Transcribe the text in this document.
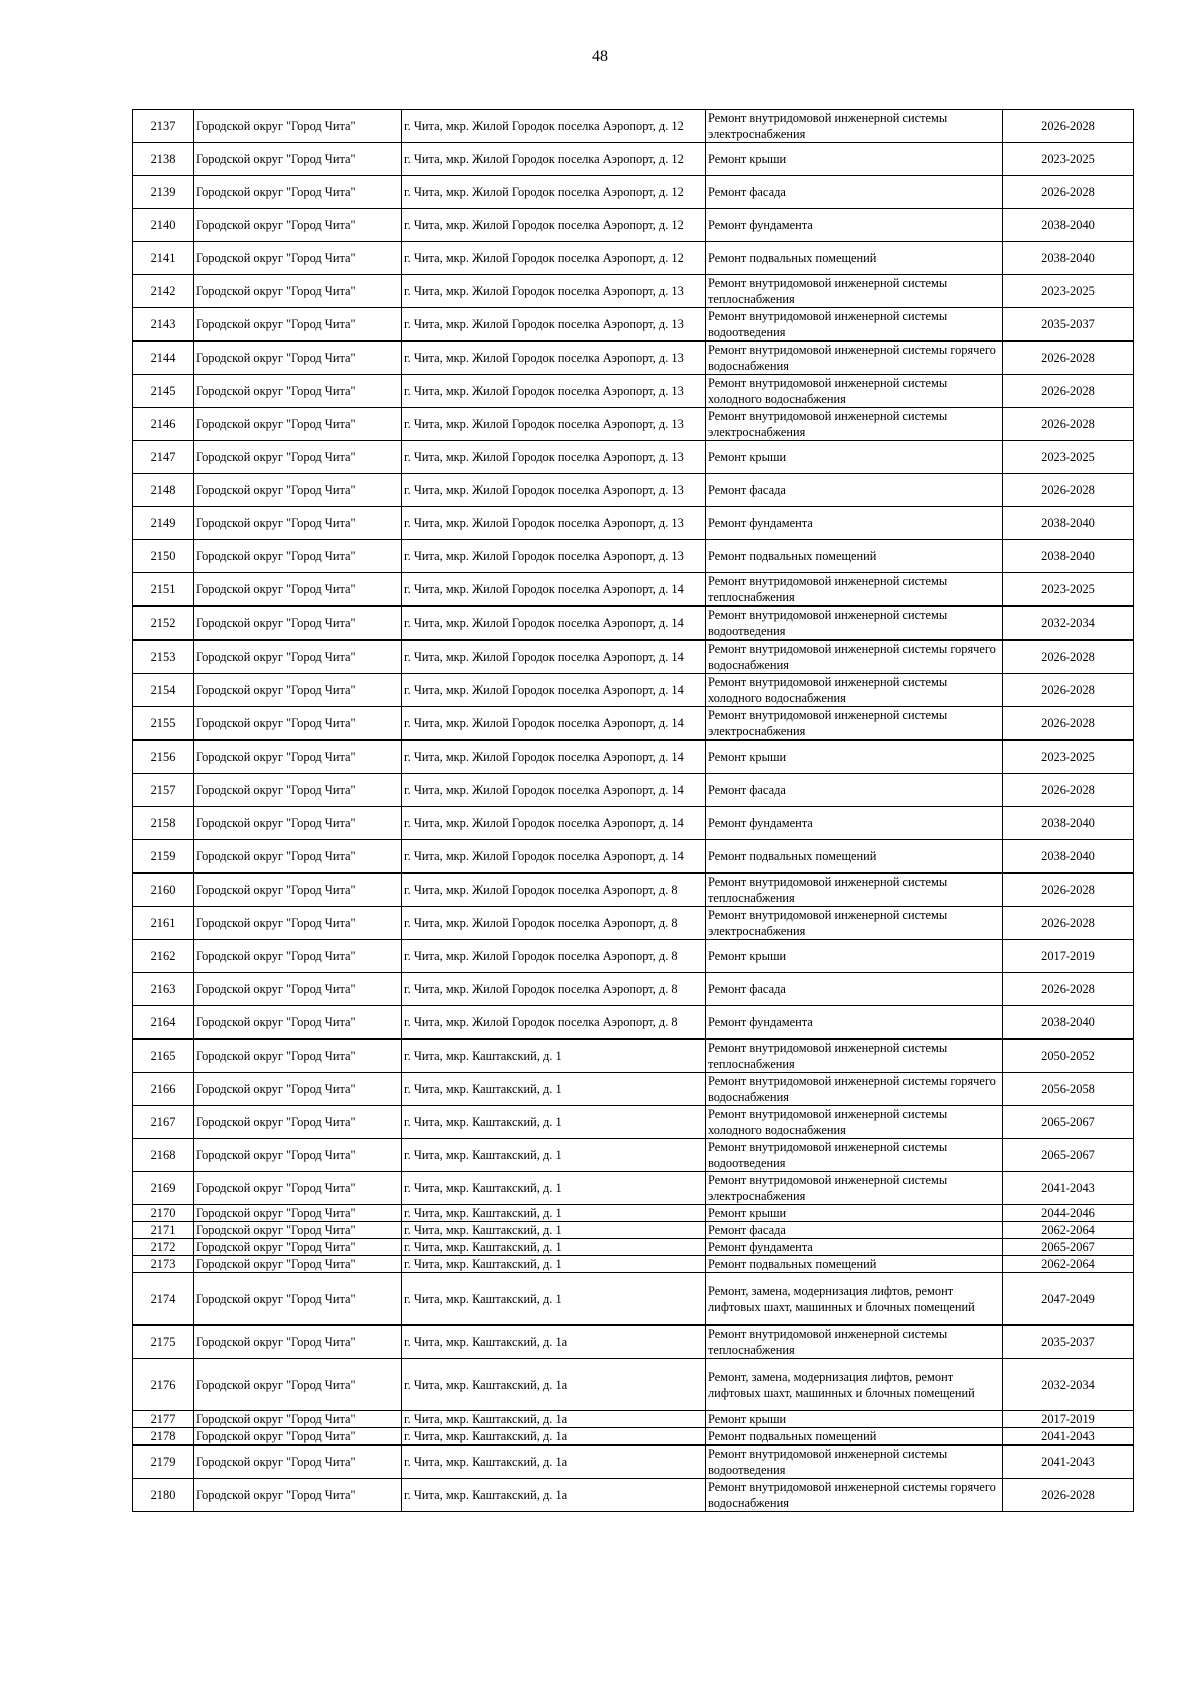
48
2137	Городской округ "Город Чита"	г. Чита, мкр. Жилой Городок поселка Аэропорт, д. 12	Ремонт внутридомовой инженерной системы электроснабжения	2026-2028
2138	Городской округ "Город Чита"	г. Чита, мкр. Жилой Городок поселка Аэропорт, д. 12	Ремонт крыши	2023-2025
2139	Городской округ "Город Чита"	г. Чита, мкр. Жилой Городок поселка Аэропорт, д. 12	Ремонт фасада	2026-2028
2140	Городской округ "Город Чита"	г. Чита, мкр. Жилой Городок поселка Аэропорт, д. 12	Ремонт фундамента	2038-2040
2141	Городской округ "Город Чита"	г. Чита, мкр. Жилой Городок поселка Аэропорт, д. 12	Ремонт подвальных помещений	2038-2040
2142	Городской округ "Город Чита"	г. Чита, мкр. Жилой Городок поселка Аэропорт, д. 13	Ремонт внутридомовой инженерной системы теплоснабжения	2023-2025
2143	Городской округ "Город Чита"	г. Чита, мкр. Жилой Городок поселка Аэропорт, д. 13	Ремонт внутридомовой инженерной системы водоотведения	2035-2037
2144	Городской округ "Город Чита"	г. Чита, мкр. Жилой Городок поселка Аэропорт, д. 13	Ремонт внутридомовой инженерной системы горячего водоснабжения	2026-2028
2145	Городской округ "Город Чита"	г. Чита, мкр. Жилой Городок поселка Аэропорт, д. 13	Ремонт внутридомовой инженерной системы холодного водоснабжения	2026-2028
2146	Городской округ "Город Чита"	г. Чита, мкр. Жилой Городок поселка Аэропорт, д. 13	Ремонт внутридомовой инженерной системы электроснабжения	2026-2028
2147	Городской округ "Город Чита"	г. Чита, мкр. Жилой Городок поселка Аэропорт, д. 13	Ремонт крыши	2023-2025
2148	Городской округ "Город Чита"	г. Чита, мкр. Жилой Городок поселка Аэропорт, д. 13	Ремонт фасада	2026-2028
2149	Городской округ "Город Чита"	г. Чита, мкр. Жилой Городок поселка Аэропорт, д. 13	Ремонт фундамента	2038-2040
2150	Городской округ "Город Чита"	г. Чита, мкр. Жилой Городок поселка Аэропорт, д. 13	Ремонт подвальных помещений	2038-2040
2151	Городской округ "Город Чита"	г. Чита, мкр. Жилой Городок поселка Аэропорт, д. 14	Ремонт внутридомовой инженерной системы теплоснабжения	2023-2025
2152	Городской округ "Город Чита"	г. Чита, мкр. Жилой Городок поселка Аэропорт, д. 14	Ремонт внутридомовой инженерной системы водоотведения	2032-2034
2153	Городской округ "Город Чита"	г. Чита, мкр. Жилой Городок поселка Аэропорт, д. 14	Ремонт внутридомовой инженерной системы горячего водоснабжения	2026-2028
2154	Городской округ "Город Чита"	г. Чита, мкр. Жилой Городок поселка Аэропорт, д. 14	Ремонт внутридомовой инженерной системы холодного водоснабжения	2026-2028
2155	Городской округ "Город Чита"	г. Чита, мкр. Жилой Городок поселка Аэропорт, д. 14	Ремонт внутридомовой инженерной системы электроснабжения	2026-2028
2156	Городской округ "Город Чита"	г. Чита, мкр. Жилой Городок поселка Аэропорт, д. 14	Ремонт крыши	2023-2025
2157	Городской округ "Город Чита"	г. Чита, мкр. Жилой Городок поселка Аэропорт, д. 14	Ремонт фасада	2026-2028
2158	Городской округ "Город Чита"	г. Чита, мкр. Жилой Городок поселка Аэропорт, д. 14	Ремонт фундамента	2038-2040
2159	Городской округ "Город Чита"	г. Чита, мкр. Жилой Городок поселка Аэропорт, д. 14	Ремонт подвальных помещений	2038-2040
2160	Городской округ "Город Чита"	г. Чита, мкр. Жилой Городок поселка Аэропорт, д. 8	Ремонт внутридомовой инженерной системы теплоснабжения	2026-2028
2161	Городской округ "Город Чита"	г. Чита, мкр. Жилой Городок поселка Аэропорт, д. 8	Ремонт внутридомовой инженерной системы электроснабжения	2026-2028
2162	Городской округ "Город Чита"	г. Чита, мкр. Жилой Городок поселка Аэропорт, д. 8	Ремонт крыши	2017-2019
2163	Городской округ "Город Чита"	г. Чита, мкр. Жилой Городок поселка Аэропорт, д. 8	Ремонт фасада	2026-2028
2164	Городской округ "Город Чита"	г. Чита, мкр. Жилой Городок поселка Аэропорт, д. 8	Ремонт фундамента	2038-2040
2165	Городской округ "Город Чита"	г. Чита, мкр. Каштакский, д. 1	Ремонт внутридомовой инженерной системы теплоснабжения	2050-2052
2166	Городской округ "Город Чита"	г. Чита, мкр. Каштакский, д. 1	Ремонт внутридомовой инженерной системы горячего водоснабжения	2056-2058
2167	Городской округ "Город Чита"	г. Чита, мкр. Каштакский, д. 1	Ремонт внутридомовой инженерной системы холодного водоснабжения	2065-2067
2168	Городской округ "Город Чита"	г. Чита, мкр. Каштакский, д. 1	Ремонт внутридомовой инженерной системы водоотведения	2065-2067
2169	Городской округ "Город Чита"	г. Чита, мкр. Каштакский, д. 1	Ремонт внутридомовой инженерной системы электроснабжения	2041-2043
2170	Городской округ "Город Чита"	г. Чита, мкр. Каштакский, д. 1	Ремонт крыши	2044-2046
2171	Городской округ "Город Чита"	г. Чита, мкр. Каштакский, д. 1	Ремонт фасада	2062-2064
2172	Городской округ "Город Чита"	г. Чита, мкр. Каштакский, д. 1	Ремонт фундамента	2065-2067
2173	Городской округ "Город Чита"	г. Чита, мкр. Каштакский, д. 1	Ремонт подвальных помещений	2062-2064
2174	Городской округ "Город Чита"	г. Чита, мкр. Каштакский, д. 1	Ремонт, замена, модернизация лифтов, ремонт лифтовых шахт, машинных и блочных помещений	2047-2049
2175	Городской округ "Город Чита"	г. Чита, мкр. Каштакский, д. 1а	Ремонт внутридомовой инженерной системы теплоснабжения	2035-2037
2176	Городской округ "Город Чита"	г. Чита, мкр. Каштакский, д. 1а	Ремонт, замена, модернизация лифтов, ремонт лифтовых шахт, машинных и блочных помещений	2032-2034
2177	Городской округ "Город Чита"	г. Чита, мкр. Каштакский, д. 1а	Ремонт крыши	2017-2019
2178	Городской округ "Город Чита"	г. Чита, мкр. Каштакский, д. 1а	Ремонт подвальных помещений	2041-2043
2179	Городской округ "Город Чита"	г. Чита, мкр. Каштакский, д. 1а	Ремонт внутридомовой инженерной системы водоотведения	2041-2043
2180	Городской округ "Город Чита"	г. Чита, мкр. Каштакский, д. 1а	Ремонт внутридомовой инженерной системы горячего водоснабжения	2026-2028
